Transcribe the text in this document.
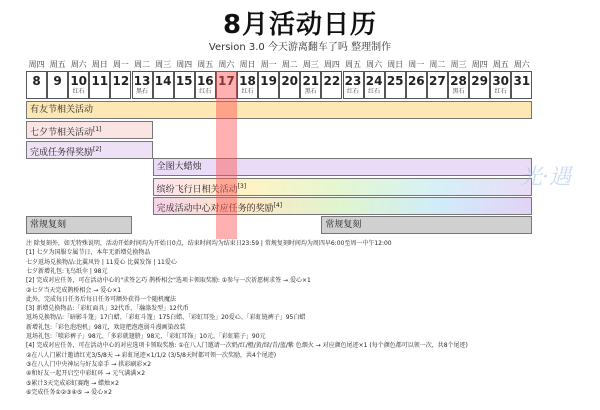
8月活动日历
Version 3.0 今天游离翻车了吗 整理制作
周四 周五 周六 周日 周一 周二 周三 周四 周五 周六 周日 周一 周二 周三 周四 周五 周六 周日 周一 周二 周三 周四 周五 周六
8	9 10
红石
11 12 13
黑石
14 15 16
红石
17 18
红石
19 20 21
黑石
22 23
红石
24
红石
25 26 27 28
黑石
29 30
红石
31
有友节相关活动
七夕节相关活动[1]
完成任务得奖励[2]
全图大蜡烛
缤纷飞行日相关活动[3]
完成活动中心对应任务的奖励[4]
常规复刻	常规复刻
光·遇
注 除复刻外，如无特殊说明，活动开始时间均为开始日0点，结束时间均为结束日23:59 | 常规复刻时间均为周四早6:00至周一中午12:00
[1] 七夕为国服专属节日，本年无新增兑换物品
七夕返场兑换物品:比翼风铃 | 11爱心 比翼发饰 | 11爱心
七夕新增礼包:飞鸟纸伞 | 98元
[2] 完成对应任务，可在活动中心的"求签乞巧 鹊桥相会"选项卡领取奖励: ①参与一次祈愿树求签 → 爱心×1
②七夕当天完成鹊桥相会 → 爱心×1
此外，完成每日任务后每日任务可额外获得一个随机魔法
[3] 新增兑换物品:「彩虹面具」32代币、「瀚涤发型」12代币
返场兑换物品:「暗影斗篷」17白蜡、「彩虹斗篷」175白蜡、「彩虹耳坠」20爱心、「彩虹链裤子」95白蜡
新增礼包:「彩色泡泡机」98元，欢迎把泡泡弱斗漫画染改装
返场礼包:「喷彩裤子」98元、「多彩就翅膀」98元、「彩虹耳饰」10元、「彩虹鞋子」90元
[4] 完成对应任务，可在活动中心的对应选项卡领取奖励: ①在八人门邀请一次奶/红/橙/黄/绿/青/蓝/紫 色烟火 → 对应颜色尾迹×1 (每个颜色都可以领一次，共8个尾迹)
②在八人门累计邀请红光3/5/8天 → 彩虹尾迹×1/1/2 (3/5/8天时都可领一次奖励，共4个尾迹)
③在八人门中央神坛与好友牵手 → 拱彩刷彩×2
④和好友一起开启空中彩虹环 → 元气满满×2
⑤累计3天完成彩虹赛跑 → 蜡烛×2
⑥完成任务①②③④⑤ → 爱心×2
